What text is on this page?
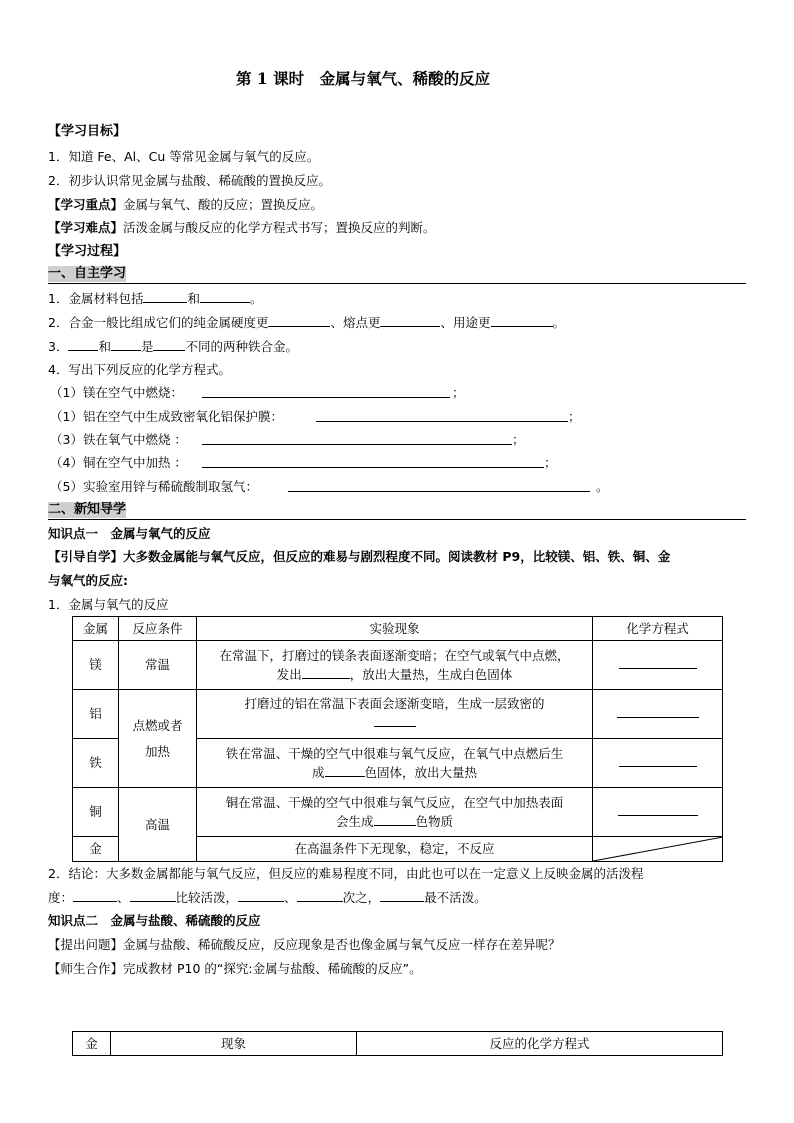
第 1 课时　金属与氧气、稀酸的反应
【学习目标】
1．知道 Fe、Al、Cu 等常见金属与氧气的反应。
2．初步认识常见金属与盐酸、稀硫酸的置换反应。
【学习重点】金属与氧气、酸的反应；置换反应。
【学习难点】活泼金属与酸反应的化学方程式书写；置换反应的判断。
【学习过程】
一、自主学习
1．金属材料包括	和	。
2．合金一般比组成它们的纯金属硬度更	、熔点更	、用途更	。
3． 和 是	不同的两种铁合金。
4．写出下列反应的化学方程式。
（1）镁在空气中燃烧：	；
（1）铝在空气中生成致密氧化铝保护膜：	；
（3）铁在氧气中燃烧 ：	；
（4）铜在空气中加热 ：	；
（5）实验室用锌与稀硫酸制取氢气：	。
二、新知导学
知识点一　金属与氧气的反应
【引导自学】大多数金属能与氧气反应，但反应的难易与剧烈程度不同。阅读教材 P9，比较镁、铝、铁、铜、金
与氧气的反应:
1．金属与氧气的反应
金属	反应条件	实验现象	化学方程式
镁	常温	在常温下，打磨过的镁条表面逐渐变暗；在空气或氧气中点燃，
发出 ，放出大量热，生成白色固体	

铝	点燃或者
加热	打磨过的铝在常温下表面会逐渐变暗，生成一层致密的	

铁		铁在常温、干燥的空气中很难与氧气反应，在氧气中点燃后生
成 色固体，放出大量热	

铜	高温	铜在常温、干燥的空气中很难与氧气反应，在空气中加热表面
会生成 色物质	

金		在高温条件下无现象，稳定，不反应	
2．结论：大多数金属都能与氧气反应，但反应的难易程度不同，由此也可以在一定意义上反映金属的活泼程
度：	、	比较活泼，	、	次之，	最不活泼。
知识点二　金属与盐酸、稀硫酸的反应
【提出问题】金属与盐酸、稀硫酸反应，反应现象是否也像金属与氧气反应一样存在差异呢？
【师生合作】完成教材 P10 的“探究:金属与盐酸、稀硫酸的反应”。
金	现象	反应的化学方程式
